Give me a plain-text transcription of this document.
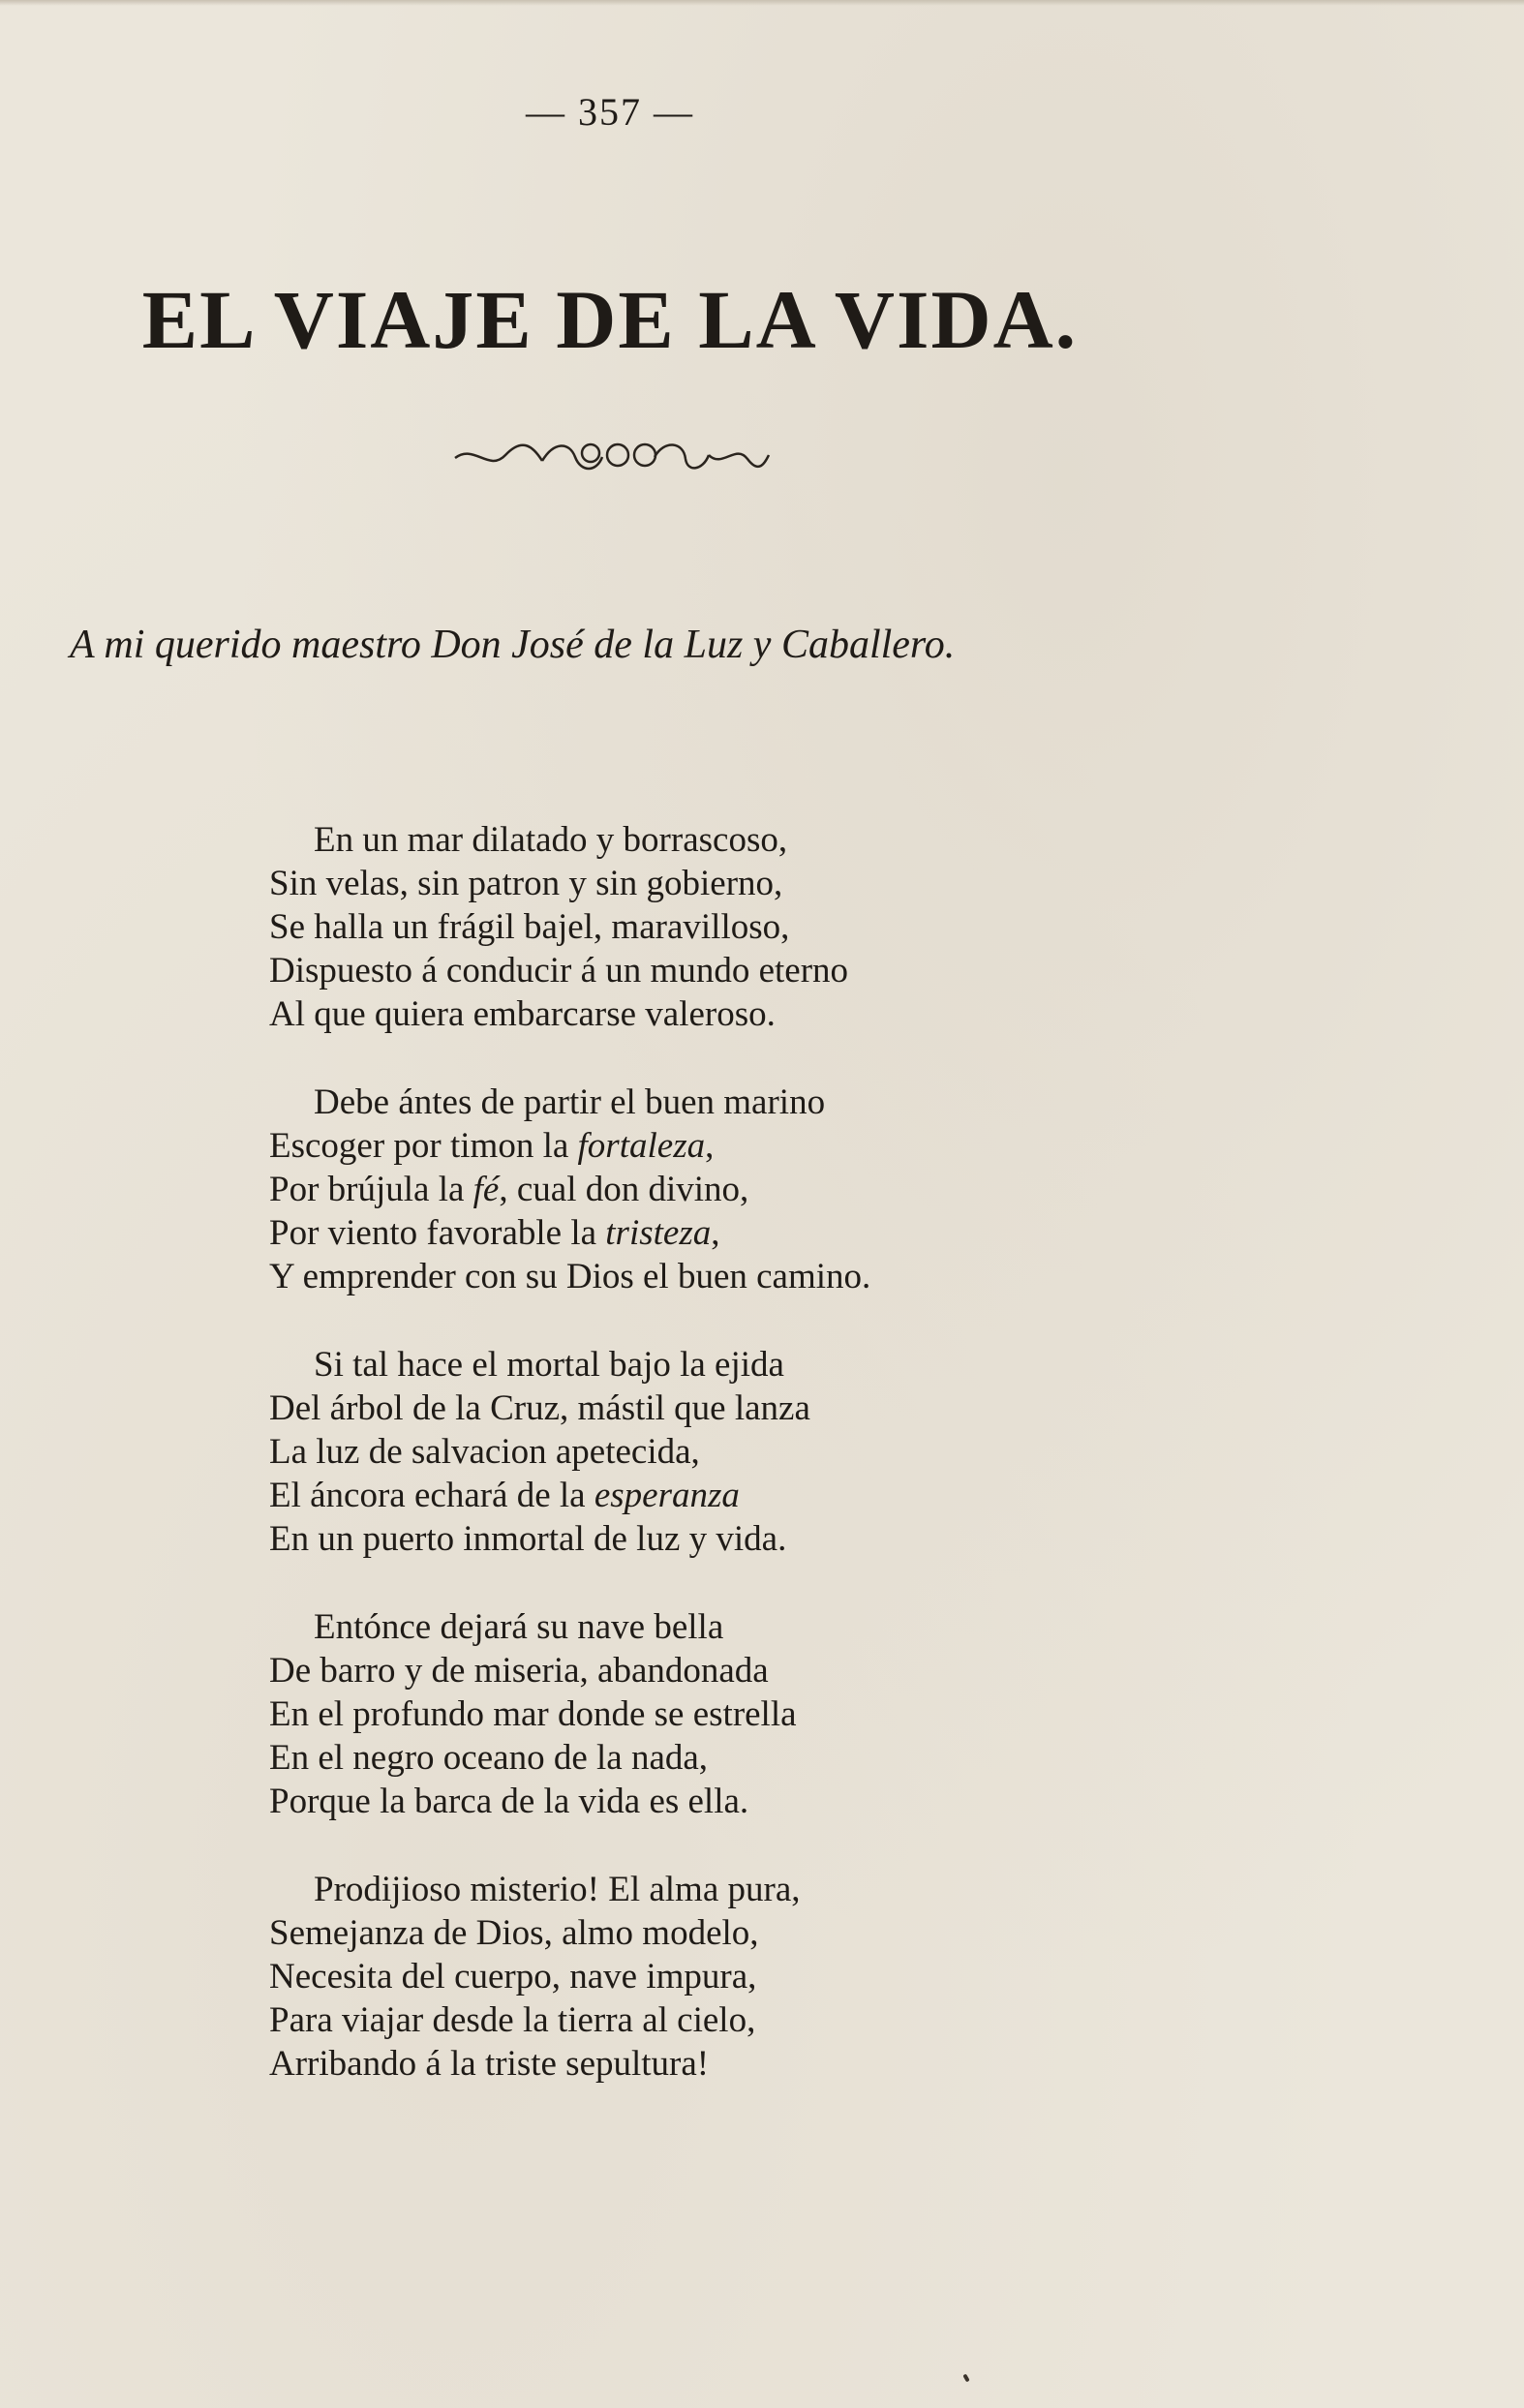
— 357 —
EL VIAJE DE LA VIDA.
A mi querido maestro Don José de la Luz y Caballero.
En un mar dilatado y borrascoso,
Sin velas, sin patron y sin gobierno,
Se halla un frágil bajel, maravilloso,
Dispuesto á conducir á un mundo eterno
Al que quiera embarcarse valeroso.
Debe ántes de partir el buen marino
Escoger por timon la fortaleza,
Por brújula la fé, cual don divino,
Por viento favorable la tristeza,
Y emprender con su Dios el buen camino.
Si tal hace el mortal bajo la ejida
Del árbol de la Cruz, mástil que lanza
La luz de salvacion apetecida,
El áncora echará de la esperanza
En un puerto inmortal de luz y vida.
Entónce dejará su nave bella
De barro y de miseria, abandonada
En el profundo mar donde se estrella
En el negro oceano de la nada,
Porque la barca de la vida es ella.
Prodijioso misterio! El alma pura,
Semejanza de Dios, almo modelo,
Necesita del cuerpo, nave impura,
Para viajar desde la tierra al cielo,
Arribando á la triste sepultura!
